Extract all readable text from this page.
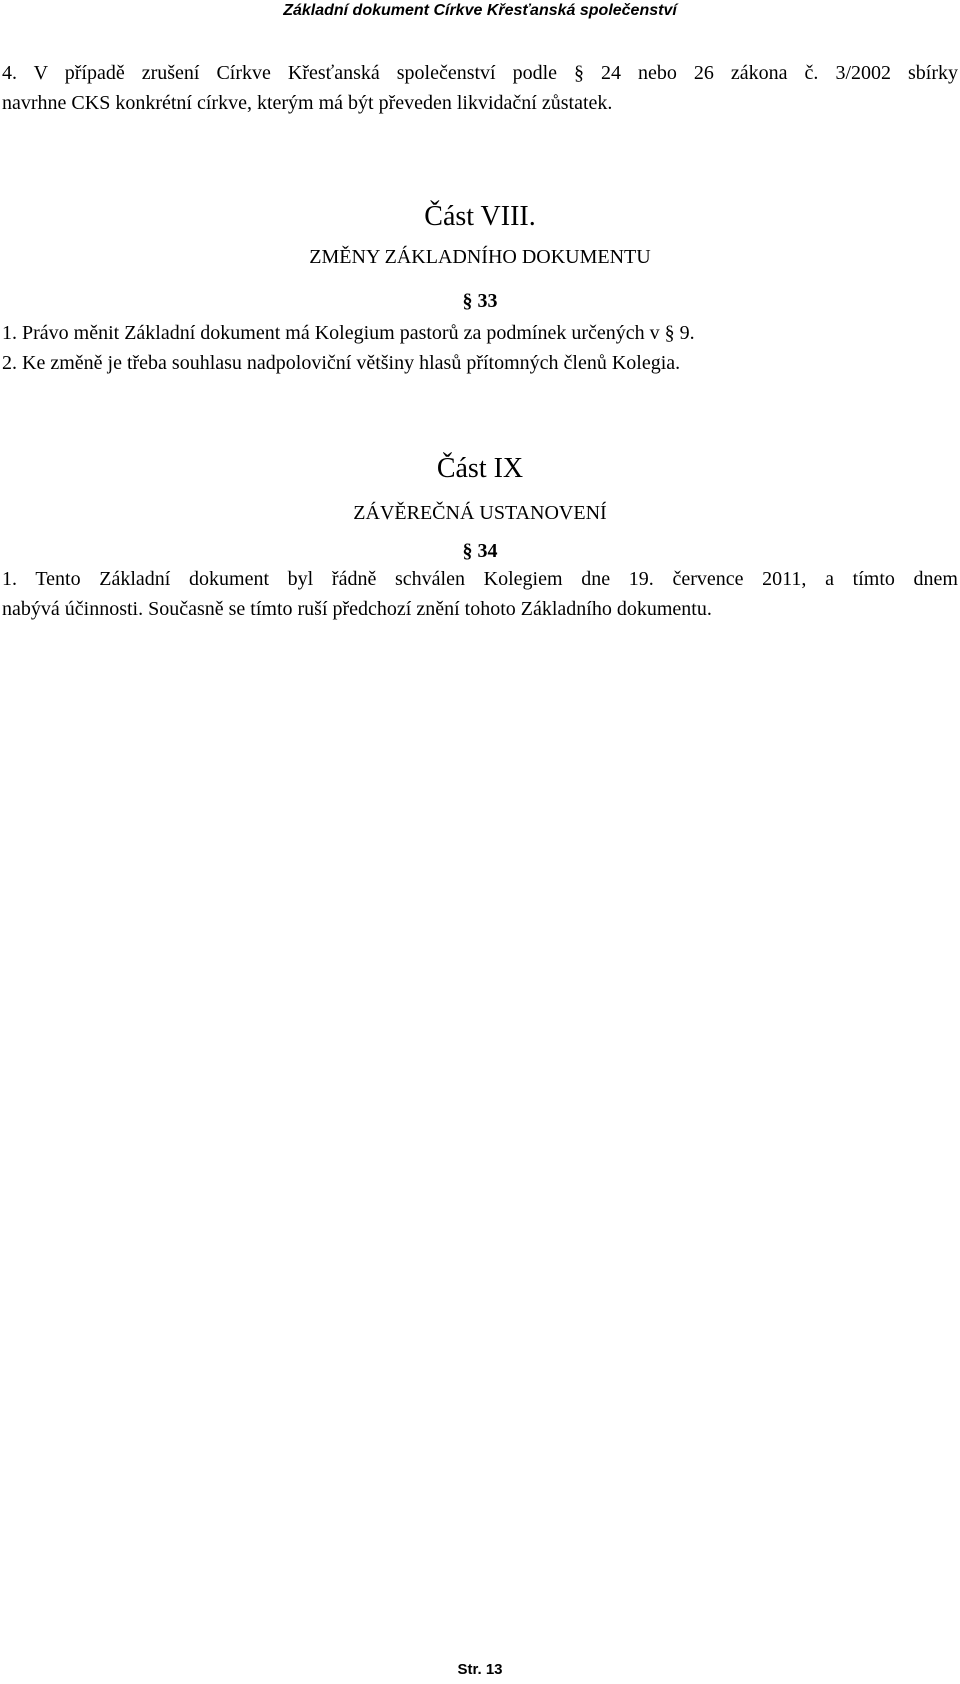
Základní dokument Církve Křesťanská společenství

4. V případě zrušení Církve Křesťanská společenství podle § 24 nebo 26 zákona č. 3/2002 sbírky

navrhne CKS konkrétní církve, kterým má být převeden likvidační zůstatek.

Část VIII.

ZMĚNY ZÁKLADNÍHO DOKUMENTU

§ 33

1. Právo měnit Základní dokument má Kolegium pastorů za podmínek určených v § 9.

2. Ke změně je třeba souhlasu nadpoloviční většiny hlasů přítomných členů Kolegia.

Část IX

ZÁVĚREČNÁ USTANOVENÍ

§ 34

1. Tento Základní dokument byl řádně schválen Kolegiem dne 19. července 2011, a tímto dnem

nabývá účinnosti. Současně se tímto ruší předchozí znění tohoto Základního dokumentu.

Str. 13
